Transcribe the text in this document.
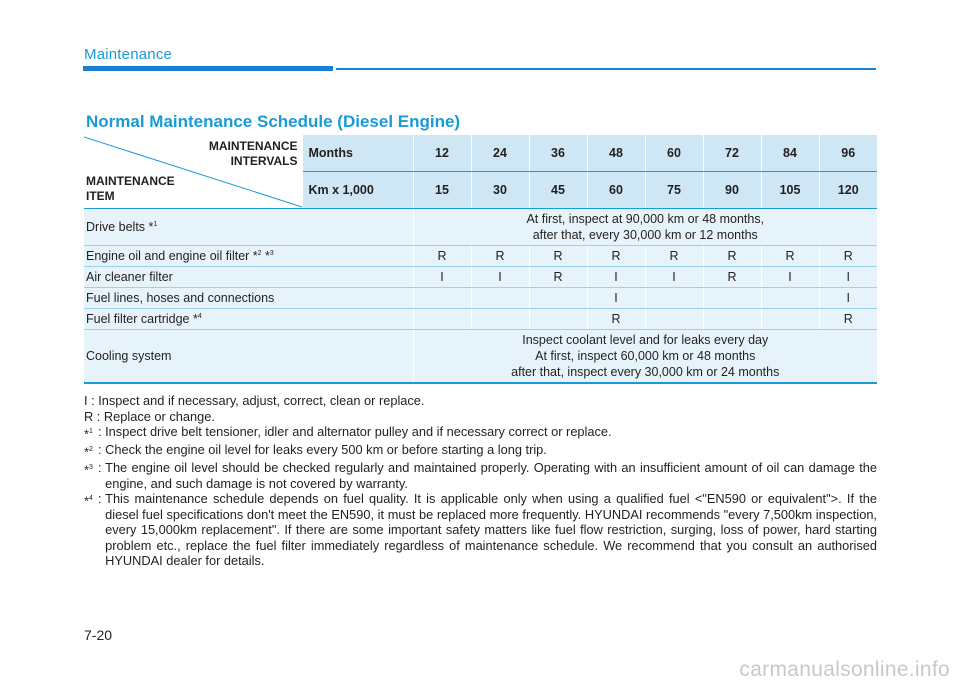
Maintenance
Normal Maintenance Schedule (Diesel Engine)
MAINTENANCE
INTERVALS
MAINTENANCE
ITEM	Months	12	24	36	48	60	72	84	96
	Km x 1,000	15	30	45	60	75	90	105	120
Drive belts *$^1$		At first, inspect at 90,000 km or 48 months,
after that, every 30,000 km or 12 months							

Engine oil and engine oil filter *$^2$ *$^3$		R	R	R	R	R	R	R	R
Air cleaner filter		I	I	R	I	I	R	I	I
Fuel lines, hoses and connections					I				I
Fuel filter cartridge *$^4$					R				R
Cooling system		Inspect coolant level and for leaks every day
At first, inspect 60,000 km or 48 months
after that, inspect every 30,000 km or 24 months							
I : Inspect and if necessary, adjust, correct, clean or replace.
R : Replace or change.
*$^1$ : Inspect drive belt tensioner, idler and alternator pulley and if necessary correct or replace.
*$^2$ : Check the engine oil level for leaks every 500 km or before starting a long trip.
*$^3$ : The engine oil level should be checked regularly and maintained properly. Operating with an insufficient amount of oil can damage the engine, and such damage is not covered by warranty.
*$^4$ : This maintenance schedule depends on fuel quality. It is applicable only when using a qualified fuel <"EN590 or equivalent">. If the diesel fuel specifications don't meet the EN590, it must be replaced more frequently. HYUNDAI recommends "every 7,500km inspection, every 15,000km replacement". If there are some important safety matters like fuel flow restriction, surging, loss of power, hard starting problem etc., replace the fuel filter immediately regardless of maintenance schedule. We recommend that you consult an authorised HYUNDAI dealer for details.
7-20
carmanualsonline.info
